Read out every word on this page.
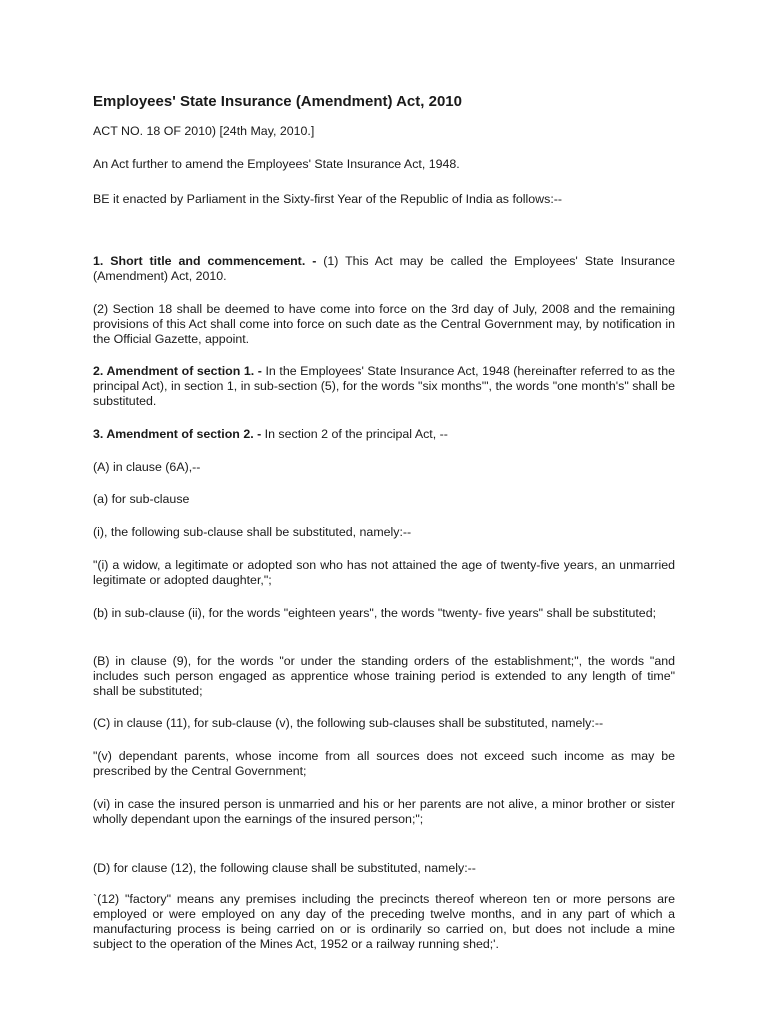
Employees' State Insurance (Amendment) Act, 2010

ACT NO. 18 OF 2010) [24th May, 2010.]

An Act further to amend the Employees' State Insurance Act, 1948.

BE it enacted by Parliament in the Sixty-first Year of the Republic of India as follows:--

1. Short title and commencement. - (1) This Act may be called the Employees' State Insurance (Amendment) Act, 2010.

(2) Section 18 shall be deemed to have come into force on the 3rd day of July, 2008 and the remaining provisions of this Act shall come into force on such date as the Central Government may, by notification in the Official Gazette, appoint.

2. Amendment of section 1. - In the Employees' State Insurance Act, 1948 (hereinafter referred to as the principal Act), in section 1, in sub-section (5), for the words "six months'", the words "one month's" shall be substituted.

3. Amendment of section 2. - In section 2 of the principal Act, --

(A) in clause (6A),--

(a) for sub-clause

(i), the following sub-clause shall be substituted, namely:--

"(i) a widow, a legitimate or adopted son who has not attained the age of twenty-five years, an unmarried legitimate or adopted daughter,";

(b) in sub-clause (ii), for the words "eighteen years", the words "twenty- five years" shall be substituted;

(B) in clause (9), for the words "or under the standing orders of the establishment;", the words "and includes such person engaged as apprentice whose training period is extended to any length of time" shall be substituted;

(C) in clause (11), for sub-clause (v), the following sub-clauses shall be substituted, namely:--

"(v) dependant parents, whose income from all sources does not exceed such income as may be prescribed by the Central Government;

(vi) in case the insured person is unmarried and his or her parents are not alive, a minor brother or sister wholly dependant upon the earnings of the insured person;";

(D) for clause (12), the following clause shall be substituted, namely:--

`(12) "factory" means any premises including the precincts thereof whereon ten or more persons are employed or were employed on any day of the preceding twelve months, and in any part of which a manufacturing process is being carried on or is ordinarily so carried on, but does not include a mine subject to the operation of the Mines Act, 1952 or a railway running shed;'.
